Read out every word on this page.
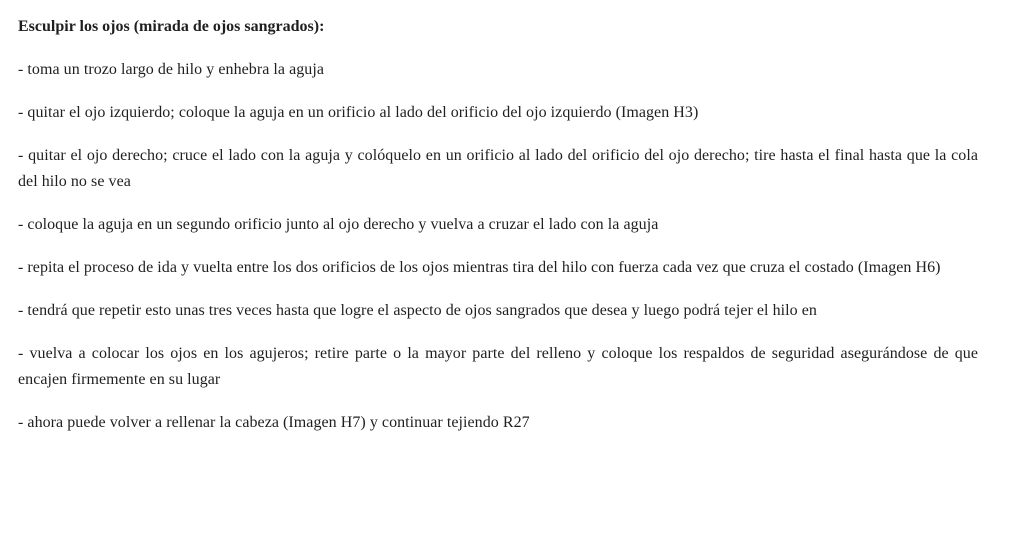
Esculpir los ojos (mirada de ojos sangrados):

- toma un trozo largo de hilo y enhebra la aguja

- quitar el ojo izquierdo; coloque la aguja en un orificio al lado del orificio del ojo izquierdo (Imagen H3)

- quitar el ojo derecho; cruce el lado con la aguja y colóquelo en un orificio al lado del orificio del ojo derecho; tire hasta el final hasta que la cola del hilo no se vea

- coloque la aguja en un segundo orificio junto al ojo derecho y vuelva a cruzar el lado con la aguja

- repita el proceso de ida y vuelta entre los dos orificios de los ojos mientras tira del hilo con fuerza cada vez que cruza el costado (Imagen H6)

- tendrá que repetir esto unas tres veces hasta que logre el aspecto de ojos sangrados que desea y luego podrá tejer el hilo en

- vuelva a colocar los ojos en los agujeros; retire parte o la mayor parte del relleno y coloque los respaldos de seguridad asegurándose de que encajen firmemente en su lugar

- ahora puede volver a rellenar la cabeza (Imagen H7) y continuar tejiendo R27
